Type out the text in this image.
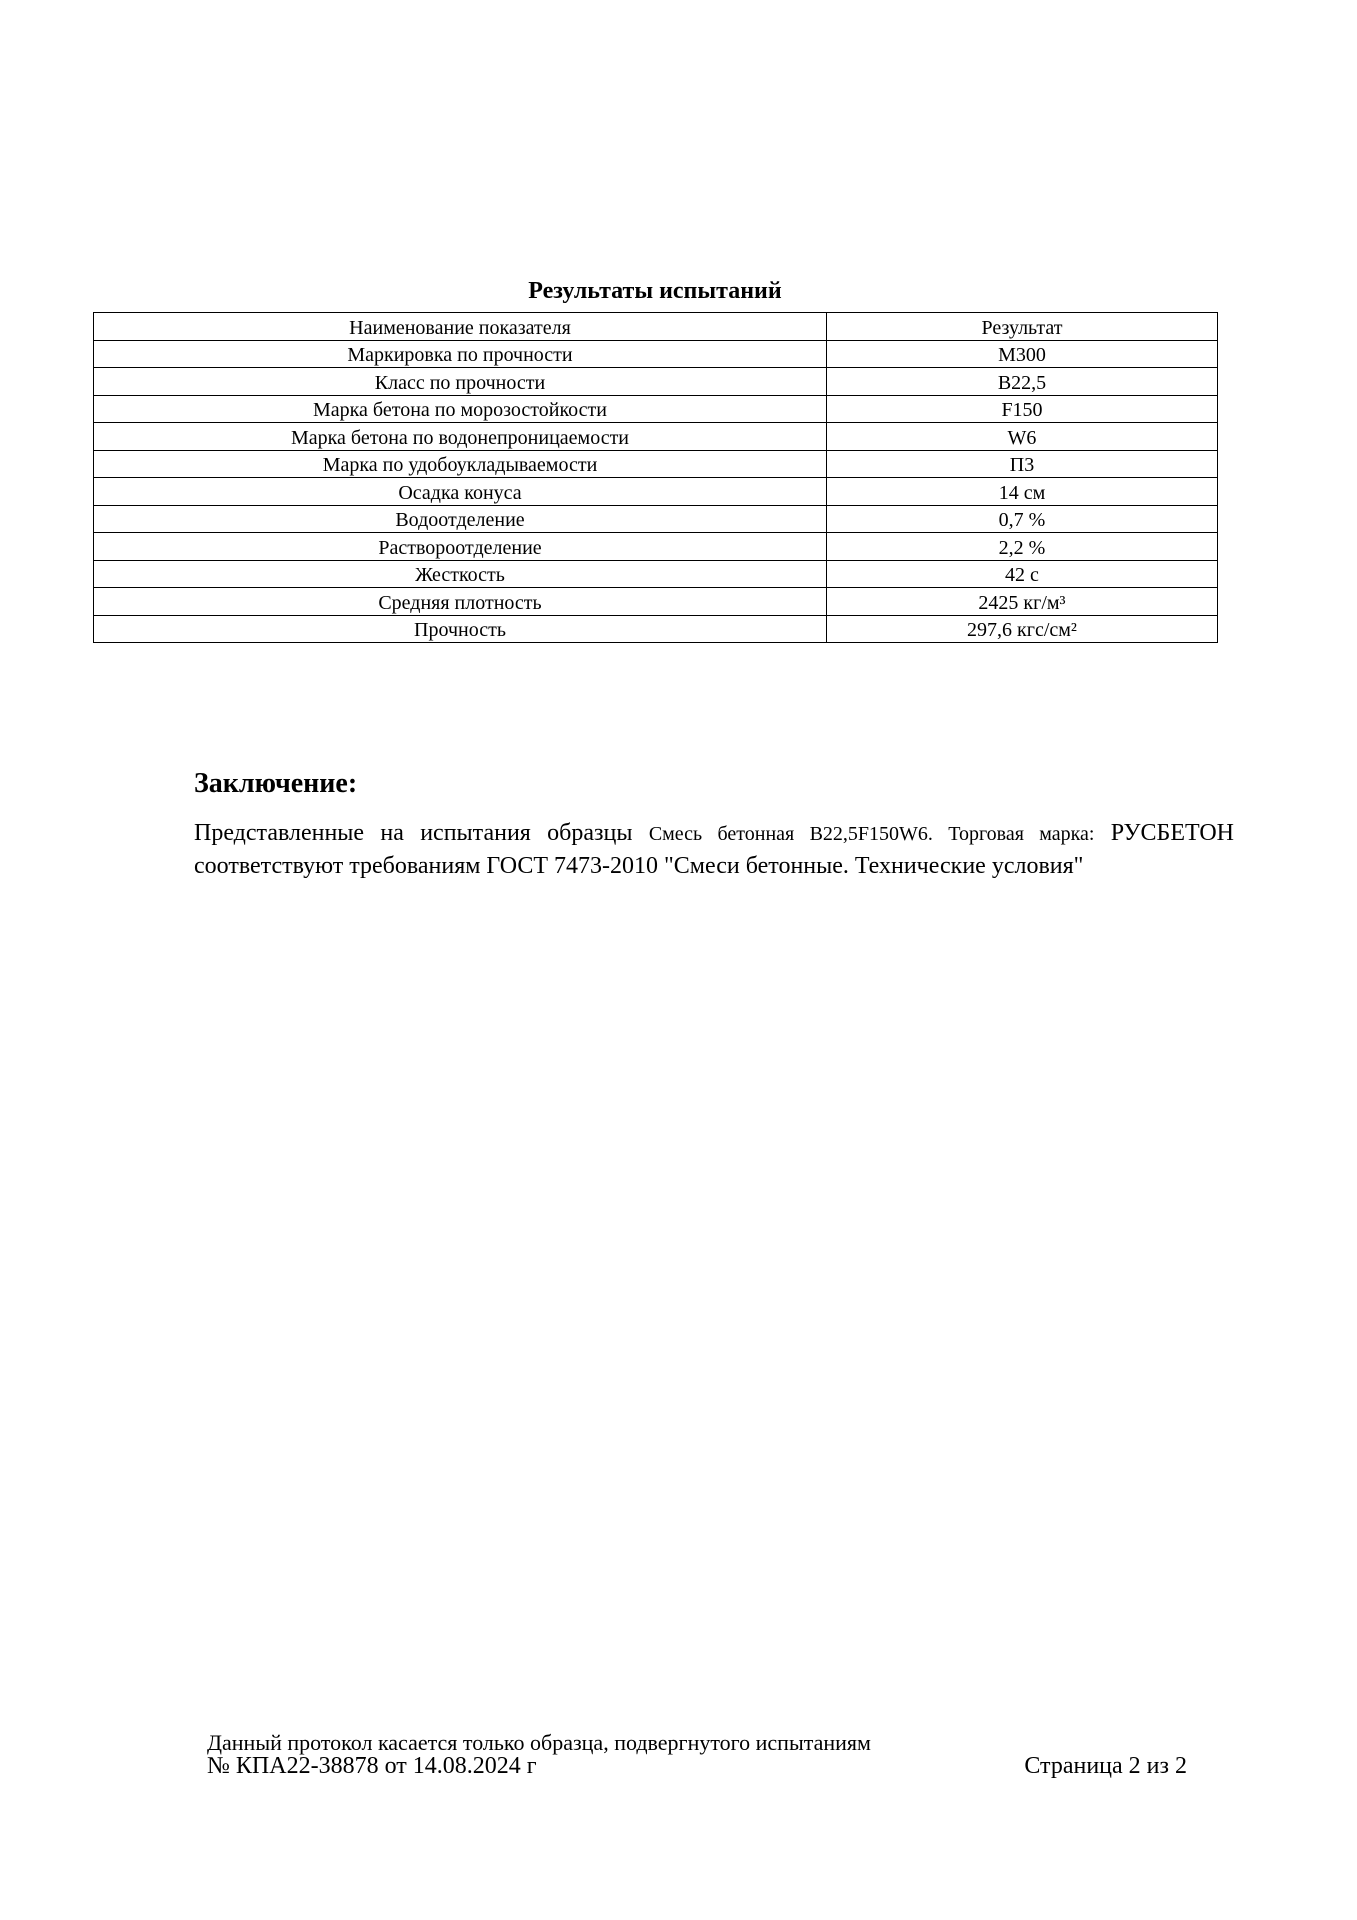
Результаты испытаний
Наименование показателя	Результат
Маркировка по прочности	М300
Класс по прочности	В22,5
Марка бетона по морозостойкости	F150
Марка бетона по водонепроницаемости	W6
Марка по удобоукладываемости	П3
Осадка конуса	14 см
Водоотделение	0,7 %
Раствороотделение	2,2 %
Жесткость	42 с
Средняя плотность	2425 кг/м³
Прочность	297,6 кгс/см²
Заключение:
Представленные на испытания образцы Смесь бетонная В22,5F150W6. Торговая марка: РУСБЕТОН соответствуют требованиям ГОСТ 7473-2010 "Смеси бетонные. Технические условия"
Данный протокол касается только образца, подвергнутого испытаниям
№ КПА22-38878 от 14.08.2024 г	Страница 2 из 2
